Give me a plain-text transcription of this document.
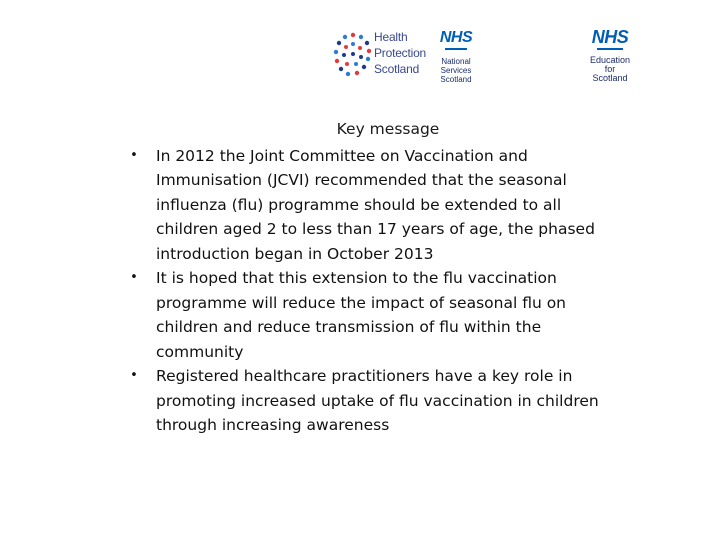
Health
Protection
Scotland
NHS
National
Services
Scotland
NHS
Education
for
Scotland
Key message
• In 2012 the Joint Committee on Vaccination and Immunisation (JCVI) recommended that the seasonal influenza (flu) programme should be extended to all children aged 2 to less than 17 years of age, the phased introduction began in October 2013
• It is hoped that this extension to the flu vaccination programme will reduce the impact of seasonal flu on children and reduce transmission of flu within the community
• Registered healthcare practitioners have a key role in promoting increased uptake of flu vaccination in children through increasing awareness
